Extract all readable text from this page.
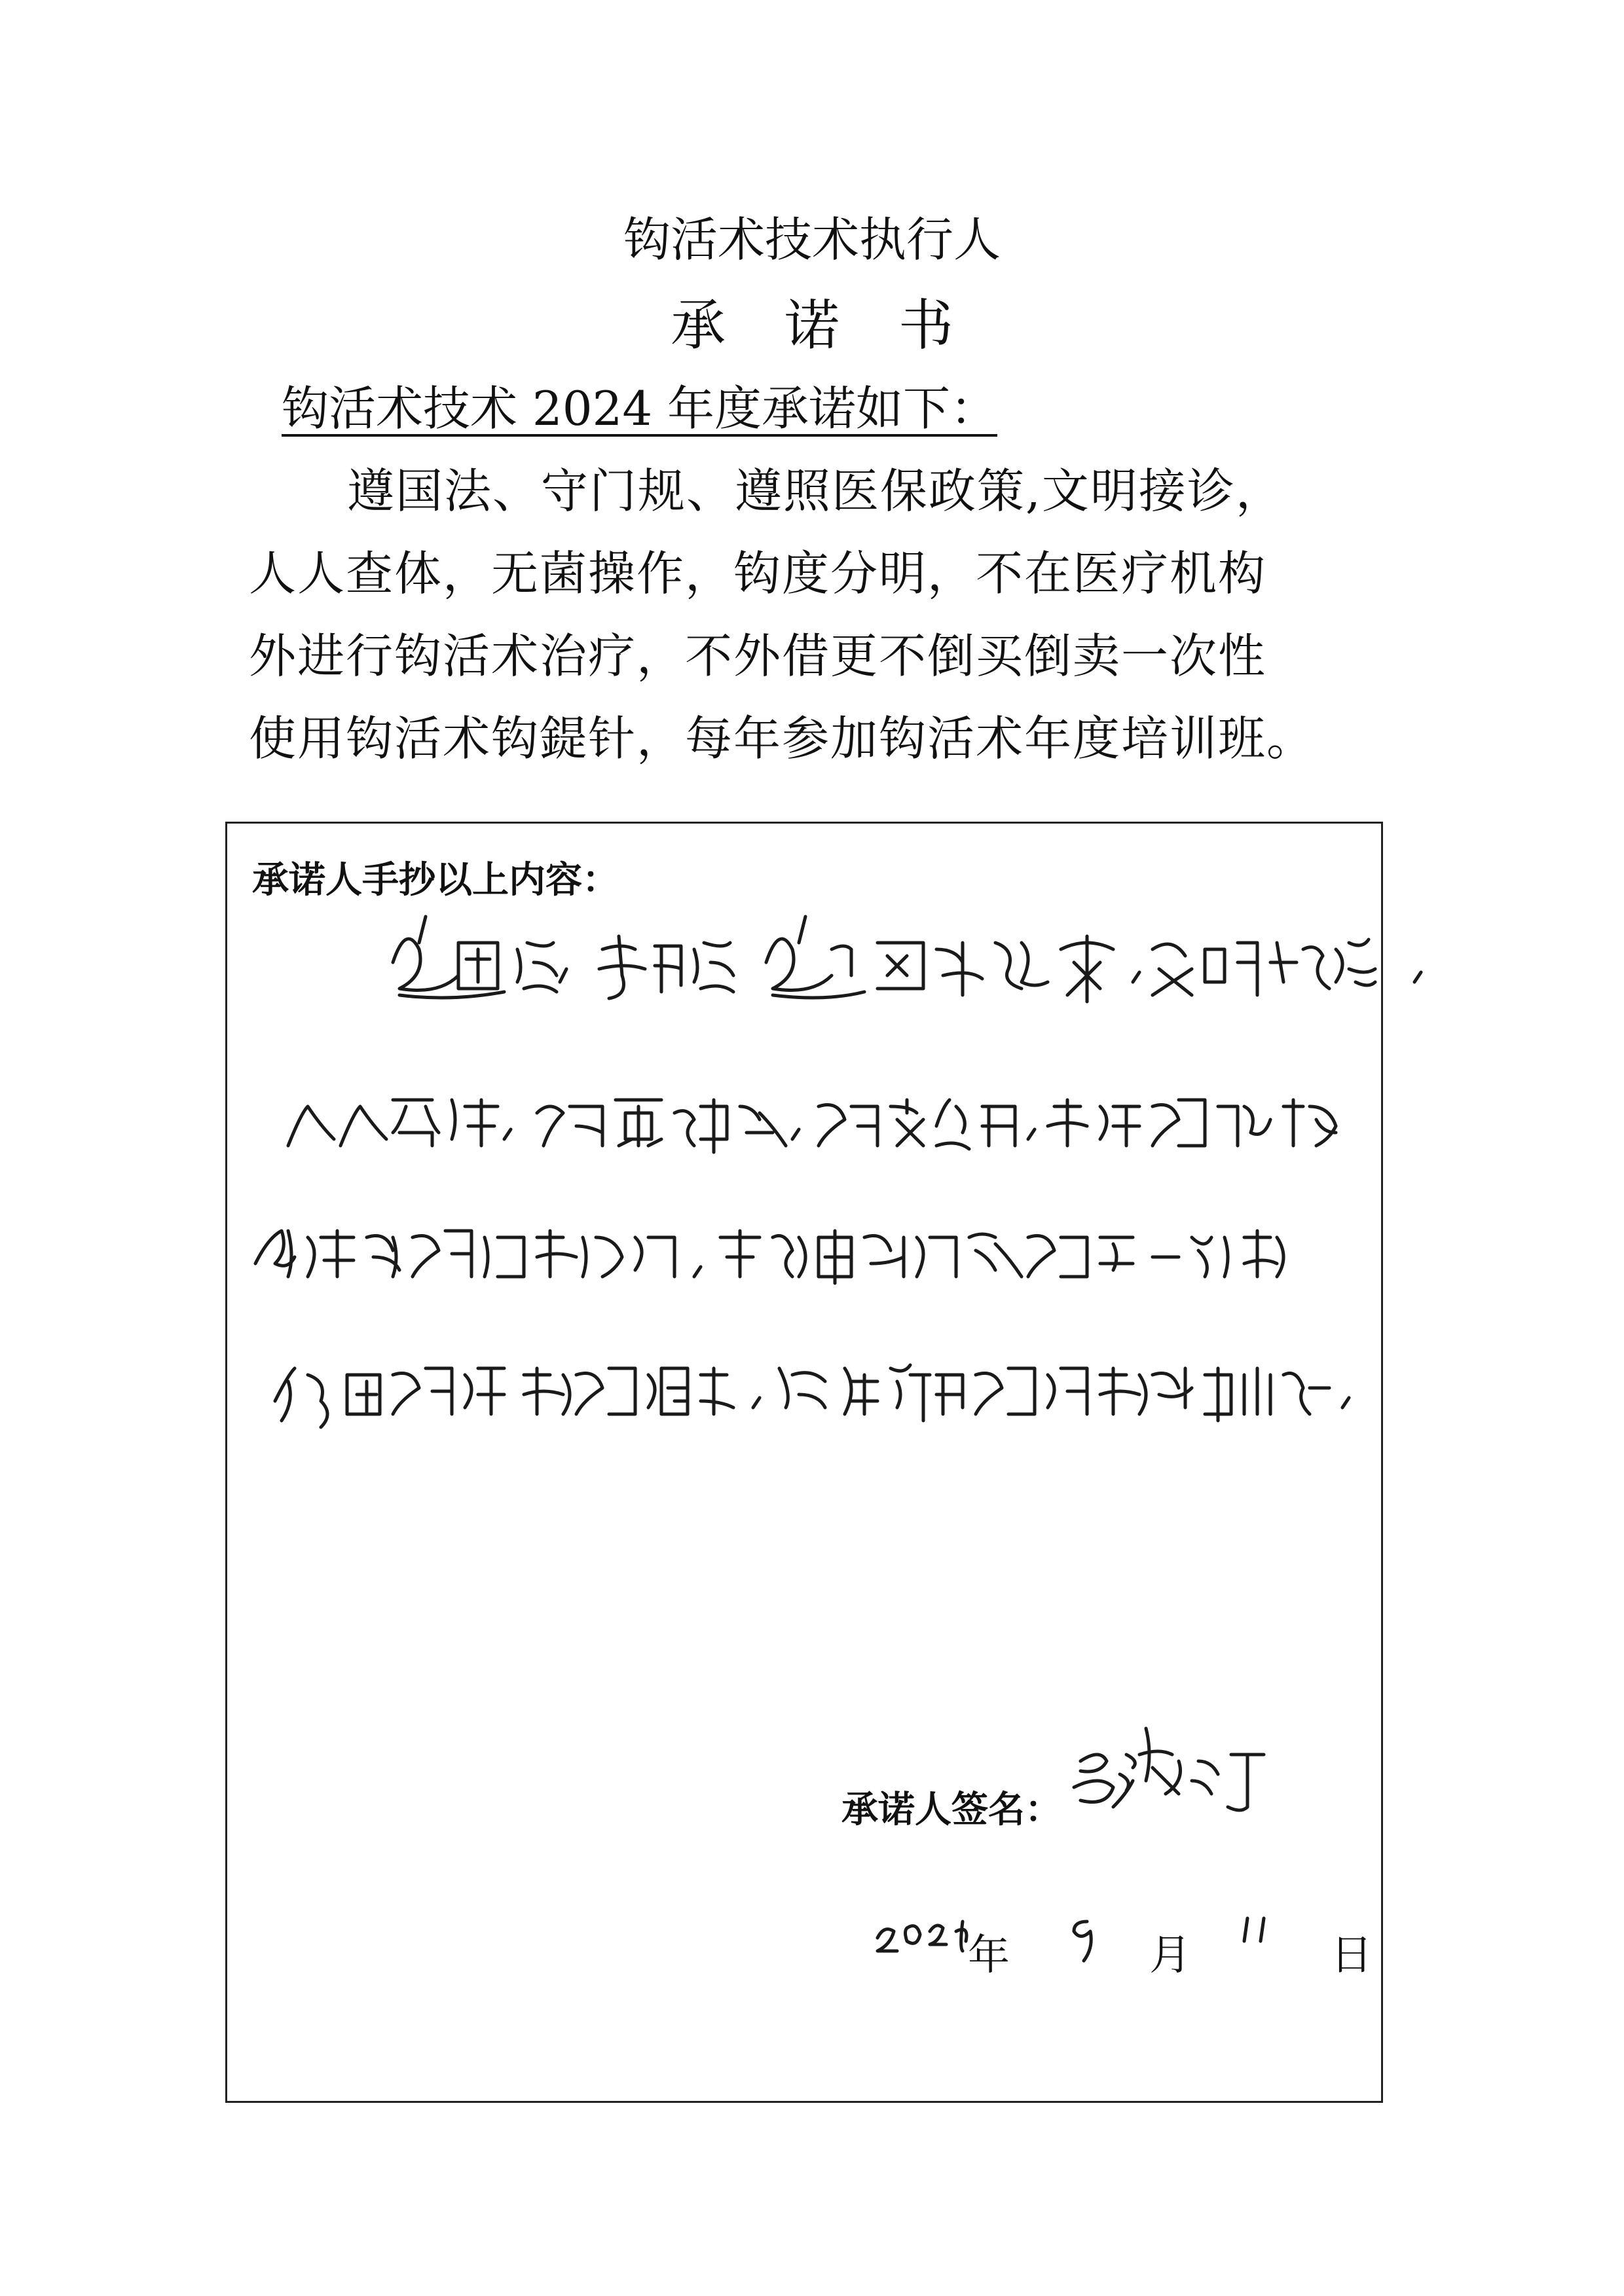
钩活术技术执行人
承诺书
钩活术技术 2024 年度承诺如下：
遵国法、守门规、遵照医保政策,文明接诊，
人人查体，无菌操作，钩度分明，不在医疗机构
外进行钩活术治疗，不外借更不倒买倒卖一次性
使用钩活术钩鍉针，每年参加钩活术年度培训班。
承诺人手抄以上内容：
承诺人签名：
年	月	日
